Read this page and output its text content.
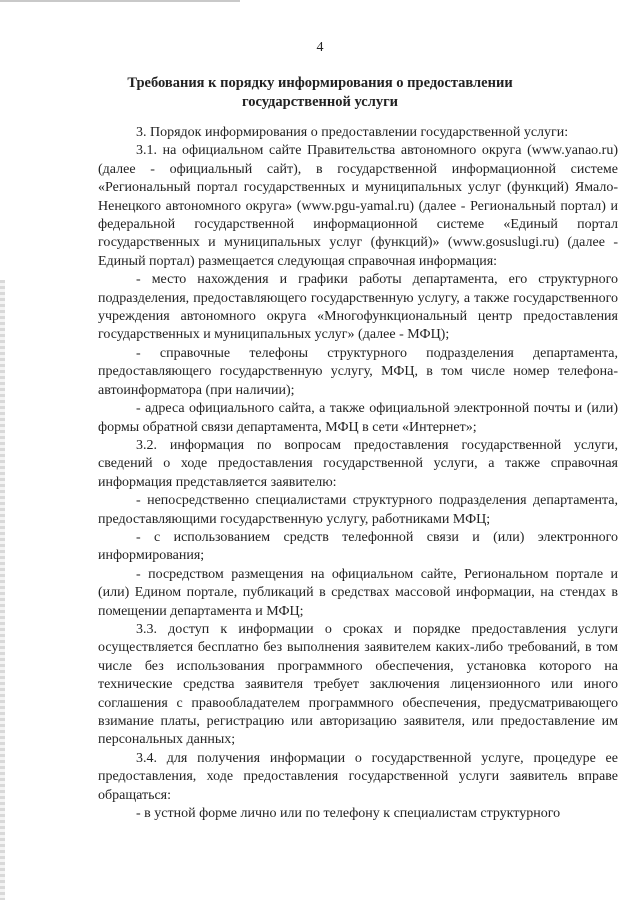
4
Требования к порядку информирования о предоставлении
государственной услуги

3. Порядок информирования о предоставлении государственной услуги:

3.1. на официальном сайте Правительства автономного округа (www.yanao.ru) (далее - официальный сайт), в государственной информационной системе «Региональный портал государственных и муниципальных услуг (функций) Ямало-Ненецкого автономного округа» (www.pgu-yamal.ru) (далее - Региональный портал) и федеральной государственной информационной системе «Единый портал государственных и муниципальных услуг (функций)» (www.gosuslugi.ru) (далее - Единый портал) размещается следующая справочная информация:

- место нахождения и графики работы департамента, его структурного подразделения, предоставляющего государственную услугу, а также государственного учреждения автономного округа «Многофункциональный центр предоставления государственных и муниципальных услуг» (далее - МФЦ);

- справочные телефоны структурного подразделения департамента, предоставляющего государственную услугу, МФЦ, в том числе номер телефона-автоинформатора (при наличии);

- адреса официального сайта, а также официальной электронной почты и (или) формы обратной связи департамента, МФЦ в сети «Интернет»;

3.2. информация по вопросам предоставления государственной услуги, сведений о ходе предоставления государственной услуги, а также справочная информация представляется заявителю:

- непосредственно специалистами структурного подразделения департамента, предоставляющими государственную услугу, работниками МФЦ;

- с использованием средств телефонной связи и (или) электронного информирования;

- посредством размещения на официальном сайте, Региональном портале и (или) Едином портале, публикаций в средствах массовой информации, на стендах в помещении департамента и МФЦ;

3.3. доступ к информации о сроках и порядке предоставления услуги осуществляется бесплатно без выполнения заявителем каких-либо требований, в том числе без использования программного обеспечения, установка которого на технические средства заявителя требует заключения лицензионного или иного соглашения с правообладателем программного обеспечения, предусматривающего взимание платы, регистрацию или авторизацию заявителя, или предоставление им персональных данных;

3.4. для получения информации о государственной услуге, процедуре ее предоставления, ходе предоставления государственной услуги заявитель вправе обращаться:

- в устной форме лично или по телефону к специалистам структурного
